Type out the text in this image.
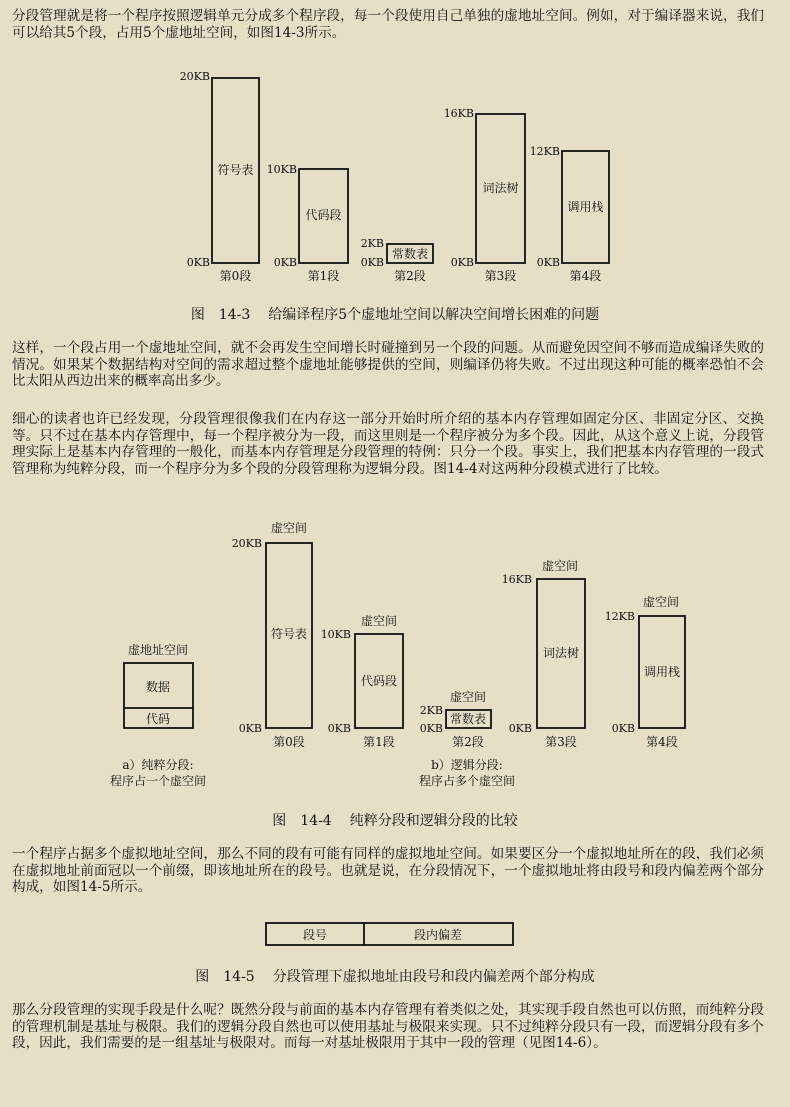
分段管理就是将一个程序按照逻辑单元分成多个程序段，每一个段使用自己单独的虚地址空间。例如，对于编译器来说，我们可以给其5个段，占用5个虚地址空间，如图14-3所示。

符号表
20KB
0KB
第0段
代码段
10KB
0KB
第1段
常数表
2KB
0KB
第2段
词法树
16KB
0KB
第3段
调用栈
12KB
0KB
第4段

图　14-3 给编译程序5个虚地址空间以解决空间增长困难的问题

这样，一个段占用一个虚地址空间，就不会再发生空间增长时碰撞到另一个段的问题。从而避免因空间不够而造成编译失败的情况。如果某个数据结构对空间的需求超过整个虚地址能够提供的空间，则编译仍将失败。不过出现这种可能的概率恐怕不会比太阳从西边出来的概率高出多少。

细心的读者也许已经发现，分段管理很像我们在内存这一部分开始时所介绍的基本内存管理如固定分区、非固定分区、交换等。只不过在基本内存管理中，每一个程序被分为一段，而这里则是一个程序被分为多个段。因此，从这个意义上说，分段管理实际上是基本内存管理的一般化，而基本内存管理是分段管理的特例：只分一个段。事实上，我们把基本内存管理的一段式管理称为纯粹分段，而一个程序分为多个段的分段管理称为逻辑分段。图14-4对这两种分段模式进行了比较。

虚地址空间
数据
代码
a）纯粹分段:
程序占一个虚空间
虚空间
符号表
20KB
0KB
第0段
虚空间
代码段
10KB
0KB
第1段
虚空间
常数表
2KB
0KB
第2段
虚空间
词法树
16KB
0KB
第3段
虚空间
调用栈
12KB
0KB
第4段
b）逻辑分段:
程序占多个虚空间

图　14-4 纯粹分段和逻辑分段的比较

一个程序占据多个虚拟地址空间，那么不同的段有可能有同样的虚拟地址空间。如果要区分一个虚拟地址所在的段，我们必须在虚拟地址前面冠以一个前缀，即该地址所在的段号。也就是说，在分段情况下，一个虚拟地址将由段号和段内偏差两个部分构成，如图14-5所示。

段号	段内偏差

图　14-5 分段管理下虚拟地址由段号和段内偏差两个部分构成

那么分段管理的实现手段是什么呢？既然分段与前面的基本内存管理有着类似之处，其实现手段自然也可以仿照，而纯粹分段的管理机制是基址与极限。我们的逻辑分段自然也可以使用基址与极限来实现。只不过纯粹分段只有一段，而逻辑分段有多个段，因此，我们需要的是一组基址与极限对。而每一对基址极限用于其中一段的管理（见图14-6）。
